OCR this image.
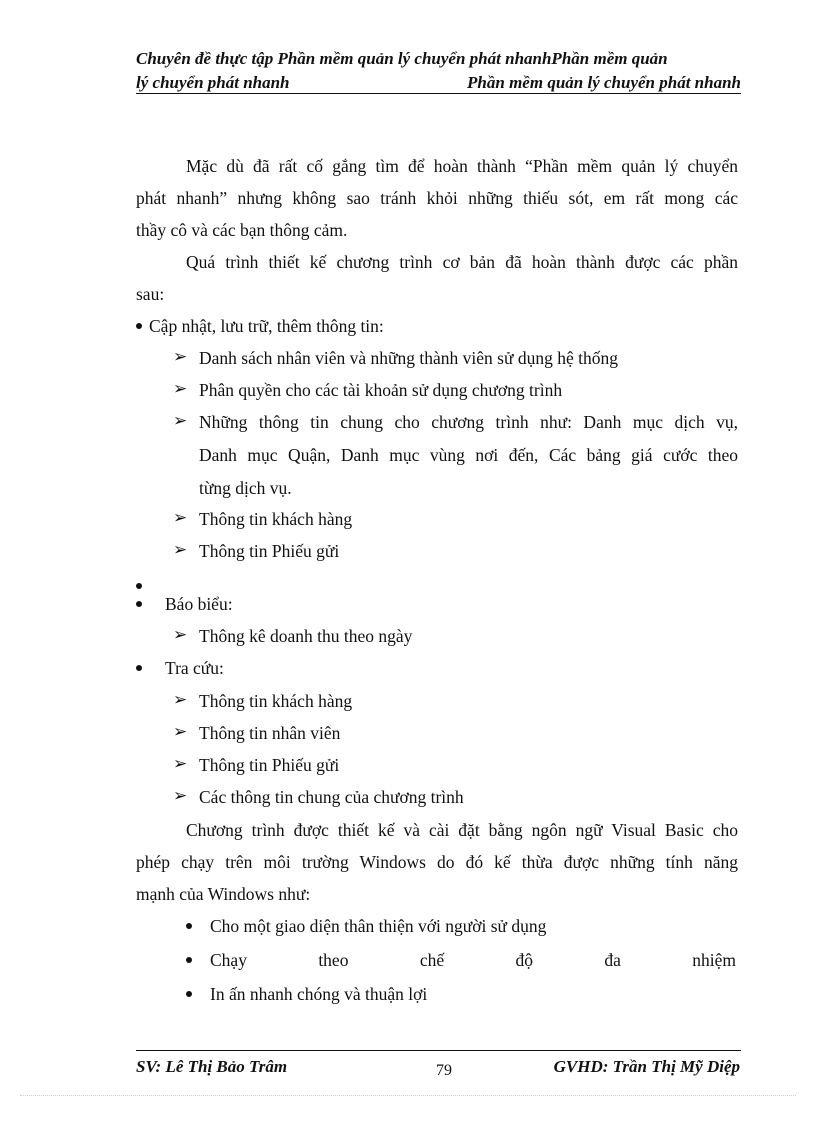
Chuyên đề thực tập Phần mềm quản lý chuyển phát nhanhPhần mềm quản
lý chuyển phát nhanh	Phần mềm quản lý chuyển phát nhanh
Mặc dù đã rất cố gắng tìm để hoàn thành “Phần mềm quản lý chuyển
phát nhanh” nhưng không sao tránh khỏi những thiếu sót, em rất mong các
thầy cô và các bạn thông cảm.
Quá trình thiết kế chương trình cơ bản đã hoàn thành được các phần
sau:
Cập nhật, lưu trữ, thêm thông tin:
➢ Danh sách nhân viên và những thành viên sử dụng hệ thống
➢ Phân quyền cho các tài khoản sử dụng chương trình
➢ Những thông tin chung cho chương trình như: Danh mục dịch vụ,
Danh mục Quận, Danh mục vùng nơi đến, Các bảng giá cước theo
từng dịch vụ.
➢ Thông tin khách hàng
➢ Thông tin Phiếu gửi
Báo biểu:
➢ Thông kê doanh thu theo ngày
Tra cứu:
➢ Thông tin khách hàng
➢ Thông tin nhân viên
➢ Thông tin Phiếu gửi
➢ Các thông tin chung của chương trình
Chương trình được thiết kế và cài đặt bằng ngôn ngữ Visual Basic cho
phép chạy trên môi trường Windows do đó kế thừa được những tính năng
mạnh của Windows như:
Cho một giao diện thân thiện với người sử dụng
Chạy theo chế độ đa nhiệm
In ấn nhanh chóng và thuận lợi
SV: Lê Thị Bảo Trâm	79	GVHD: Trần Thị Mỹ Diệp
